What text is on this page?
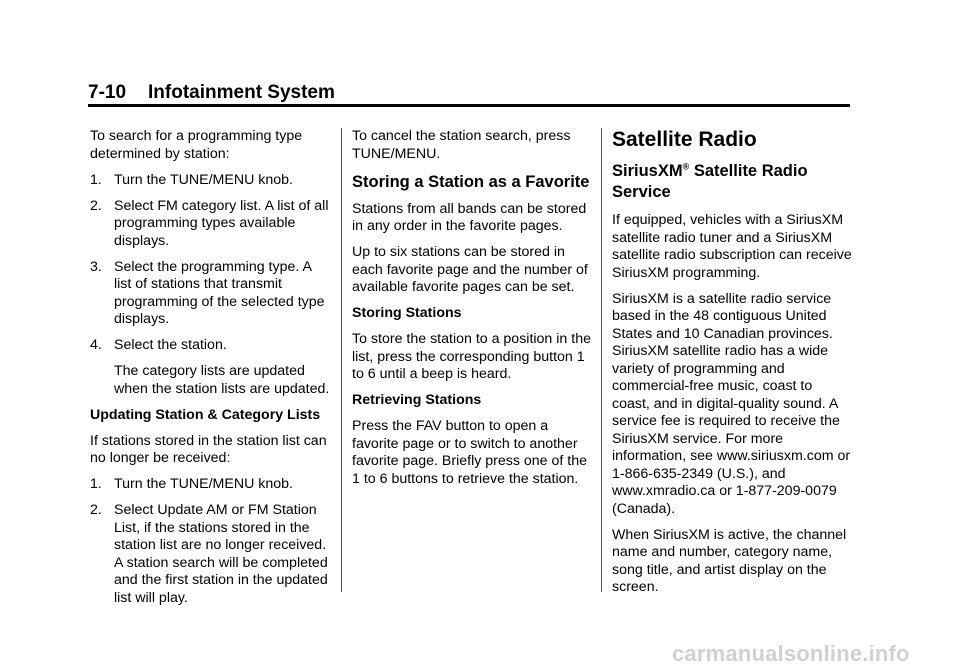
7-10 Infotainment System

To search for a programming type determined by station:

1. Turn the TUNE/MENU knob.
2. Select FM category list. A list of all programming types available displays.
3. Select the programming type. A list of stations that transmit programming of the selected type displays.
4. Select the station.

The category lists are updated when the station lists are updated.

Updating Station & Category Lists

If stations stored in the station list can no longer be received:

1. Turn the TUNE/MENU knob.
2. Select Update AM or FM Station List, if the stations stored in the station list are no longer received. A station search will be completed and the first station in the updated list will play.

To cancel the station search, press TUNE/MENU.

Storing a Station as a Favorite

Stations from all bands can be stored in any order in the favorite pages.

Up to six stations can be stored in each favorite page and the number of available favorite pages can be set.

Storing Stations

To store the station to a position in the list, press the corresponding button 1 to 6 until a beep is heard.

Retrieving Stations

Press the FAV button to open a favorite page or to switch to another favorite page. Briefly press one of the 1 to 6 buttons to retrieve the station.

Satellite Radio
SiriusXM® Satellite Radio Service

If equipped, vehicles with a SiriusXM satellite radio tuner and a SiriusXM satellite radio subscription can receive SiriusXM programming.

SiriusXM is a satellite radio service based in the 48 contiguous United States and 10 Canadian provinces. SiriusXM satellite radio has a wide variety of programming and commercial-free music, coast to coast, and in digital-quality sound. A service fee is required to receive the SiriusXM service. For more information, see www.siriusxm.com or 1-866-635-2349 (U.S.), and www.xmradio.ca or 1-877-209-0079 (Canada).

When SiriusXM is active, the channel name and number, category name, song title, and artist display on the screen.

carmanualsonline.info
